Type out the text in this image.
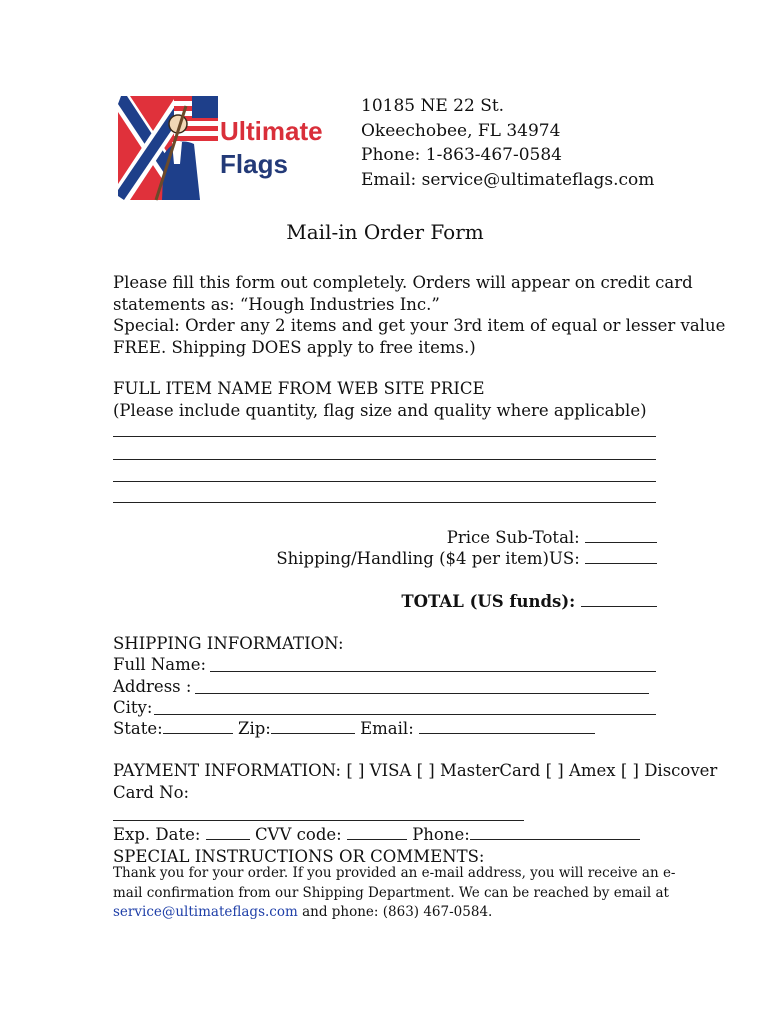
Ultimate
Flags
10185 NE 22 St.
Okeechobee, FL 34974
Phone: 1-863-467-0584
Email: service@ultimateflags.com
Mail-in Order Form
Please fill this form out completely. Orders will appear on credit card
statements as: “Hough Industries Inc.”
Special: Order any 2 items and get your 3rd item of equal or lesser value
FREE. Shipping DOES apply to free items.)
FULL ITEM NAME FROM WEB SITE PRICE
(Please include quantity, flag size and quality where applicable)
Price Sub-Total:
Shipping/Handling ($4 per item)US:
TOTAL (US funds):
SHIPPING INFORMATION:
Full Name:
Address :
City:
State:	Zip:	Email:
PAYMENT INFORMATION: [ ] VISA [ ] MasterCard [ ] Amex [ ] Discover
Card No:
Exp. Date:	CVV code:	Phone:
SPECIAL INSTRUCTIONS OR COMMENTS:
Thank you for your order. If you provided an e-mail address, you will receive an e-
mail confirmation from our Shipping Department. We can be reached by email at
service@ultimateflags.com and phone: (863) 467-0584.
